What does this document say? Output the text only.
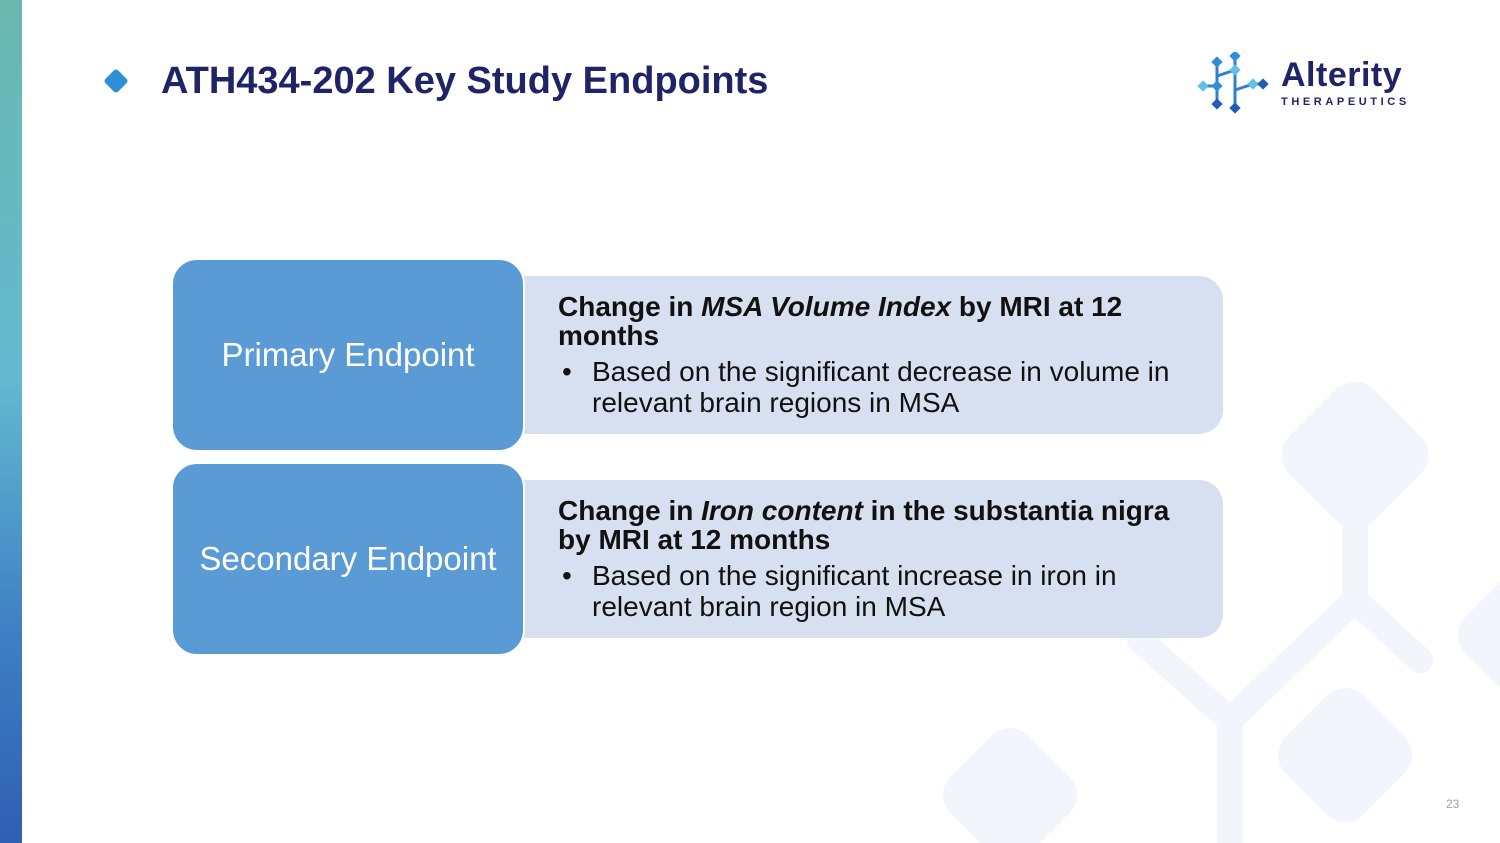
ATH434-202 Key Study Endpoints	Alterity
THERAPEUTICS
Change in MSA Volume Index by MRI at 12 months
• Based on the significant decrease in volume in relevant brain regions in MSA
Primary Endpoint
Change in Iron content in the substantia nigra by MRI at 12 months
• Based on the significant increase in iron in relevant brain region in MSA
Secondary Endpoint
23
